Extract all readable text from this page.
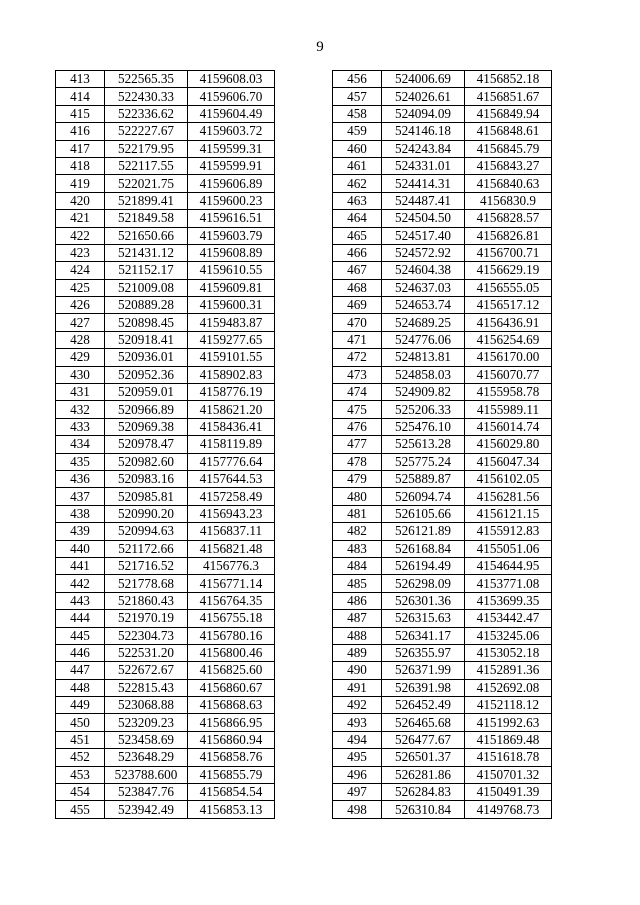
9
413	522565.35	4159608.03
414	522430.33	4159606.70
415	522336.62	4159604.49
416	522227.67	4159603.72
417	522179.95	4159599.31
418	522117.55	4159599.91
419	522021.75	4159606.89
420	521899.41	4159600.23
421	521849.58	4159616.51
422	521650.66	4159603.79
423	521431.12	4159608.89
424	521152.17	4159610.55
425	521009.08	4159609.81
426	520889.28	4159600.31
427	520898.45	4159483.87
428	520918.41	4159277.65
429	520936.01	4159101.55
430	520952.36	4158902.83
431	520959.01	4158776.19
432	520966.89	4158621.20
433	520969.38	4158436.41
434	520978.47	4158119.89
435	520982.60	4157776.64
436	520983.16	4157644.53
437	520985.81	4157258.49
438	520990.20	4156943.23
439	520994.63	4156837.11
440	521172.66	4156821.48
441	521716.52	4156776.3
442	521778.68	4156771.14
443	521860.43	4156764.35
444	521970.19	4156755.18
445	522304.73	4156780.16
446	522531.20	4156800.46
447	522672.67	4156825.60
448	522815.43	4156860.67
449	523068.88	4156868.63
450	523209.23	4156866.95
451	523458.69	4156860.94
452	523648.29	4156858.76
453	523788.600	4156855.79
454	523847.76	4156854.54
455	523942.49	4156853.13
456	524006.69	4156852.18
457	524026.61	4156851.67
458	524094.09	4156849.94
459	524146.18	4156848.61
460	524243.84	4156845.79
461	524331.01	4156843.27
462	524414.31	4156840.63
463	524487.41	4156830.9
464	524504.50	4156828.57
465	524517.40	4156826.81
466	524572.92	4156700.71
467	524604.38	4156629.19
468	524637.03	4156555.05
469	524653.74	4156517.12
470	524689.25	4156436.91
471	524776.06	4156254.69
472	524813.81	4156170.00
473	524858.03	4156070.77
474	524909.82	4155958.78
475	525206.33	4155989.11
476	525476.10	4156014.74
477	525613.28	4156029.80
478	525775.24	4156047.34
479	525889.87	4156102.05
480	526094.74	4156281.56
481	526105.66	4156121.15
482	526121.89	4155912.83
483	526168.84	4155051.06
484	526194.49	4154644.95
485	526298.09	4153771.08
486	526301.36	4153699.35
487	526315.63	4153442.47
488	526341.17	4153245.06
489	526355.97	4153052.18
490	526371.99	4152891.36
491	526391.98	4152692.08
492	526452.49	4152118.12
493	526465.68	4151992.63
494	526477.67	4151869.48
495	526501.37	4151618.78
496	526281.86	4150701.32
497	526284.83	4150491.39
498	526310.84	4149768.73
